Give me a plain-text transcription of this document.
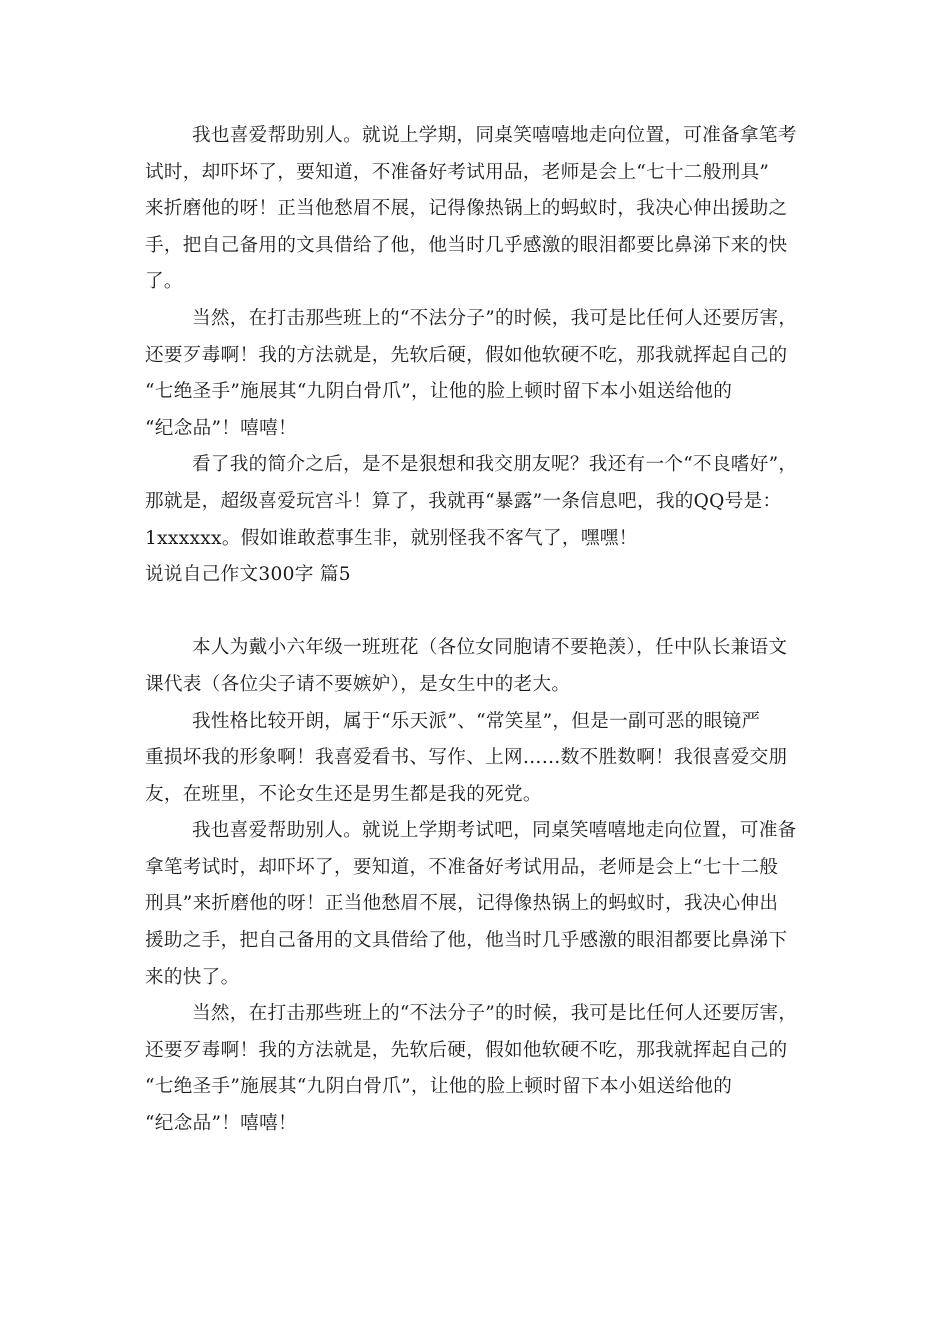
我也喜爱帮助别人。就说上学期，同桌笑嘻嘻地走向位置，可准备拿笔考
试时，却吓坏了，要知道，不准备好考试用品，老师是会上“七十二般刑具”
来折磨他的呀！正当他愁眉不展，记得像热锅上的蚂蚁时，我决心伸出援助之
手，把自己备用的文具借给了他，他当时几乎感激的眼泪都要比鼻涕下来的快
了。
当然，在打击那些班上的“不法分子”的时候，我可是比任何人还要厉害，
还要歹毒啊！我的方法就是，先软后硬，假如他软硬不吃，那我就挥起自己的
“七绝圣手”施展其“九阴白骨爪”，让他的脸上顿时留下本小姐送给他的
“纪念品”！嘻嘻！
看了我的简介之后，是不是狠想和我交朋友呢？我还有一个“不良嗜好”，
那就是，超级喜爱玩宫斗！算了，我就再“暴露”一条信息吧，我的QQ号是：
1xxxxxx。假如谁敢惹事生非，就别怪我不客气了，嘿嘿！
说说自己作文300字 篇5
本人为戴小六年级一班班花（各位女同胞请不要艳羡），任中队长兼语文
课代表（各位尖子请不要嫉妒），是女生中的老大。
我性格比较开朗，属于“乐天派”、“常笑星”，但是一副可恶的眼镜严
重损坏我的形象啊！我喜爱看书、写作、上网……数不胜数啊！我很喜爱交朋
友，在班里，不论女生还是男生都是我的死党。
我也喜爱帮助别人。就说上学期考试吧，同桌笑嘻嘻地走向位置，可准备
拿笔考试时，却吓坏了，要知道，不准备好考试用品，老师是会上“七十二般
刑具”来折磨他的呀！正当他愁眉不展，记得像热锅上的蚂蚁时，我决心伸出
援助之手，把自己备用的文具借给了他，他当时几乎感激的眼泪都要比鼻涕下
来的快了。
当然，在打击那些班上的“不法分子”的时候，我可是比任何人还要厉害，
还要歹毒啊！我的方法就是，先软后硬，假如他软硬不吃，那我就挥起自己的
“七绝圣手”施展其“九阴白骨爪”，让他的脸上顿时留下本小姐送给他的
“纪念品”！嘻嘻！
